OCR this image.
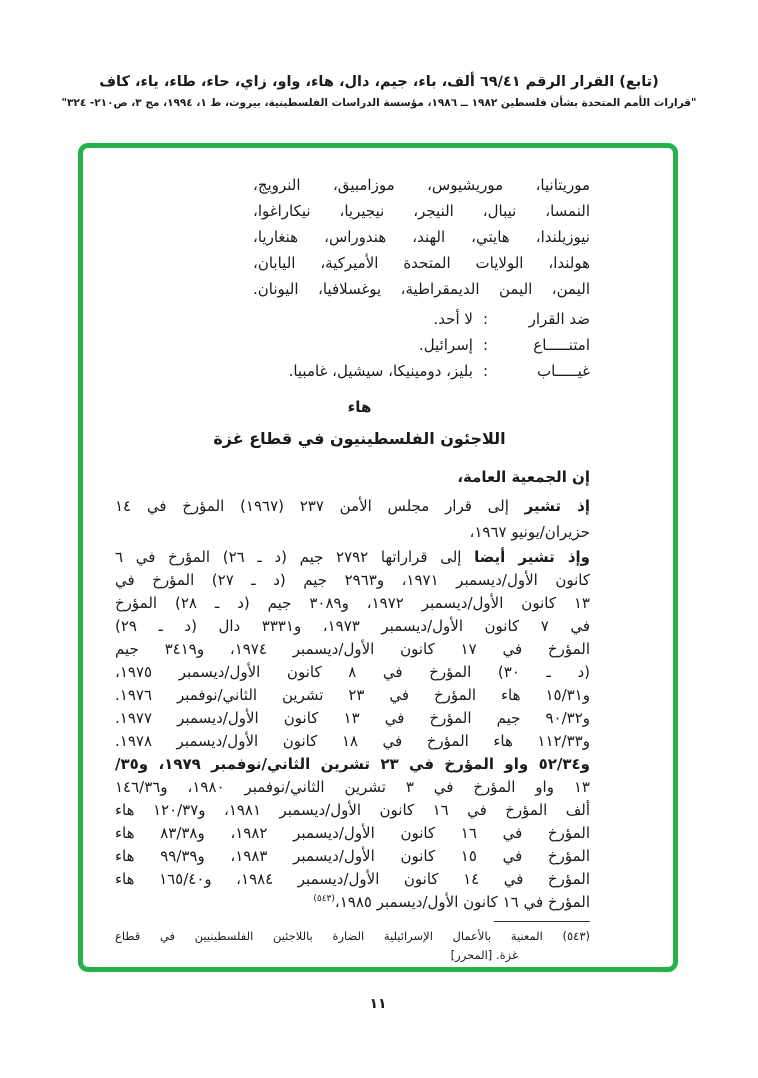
(تابع) القرار الرقم ٦٩/٤١ ألف، باء، جيم، دال، هاء، واو، زاي، حاء، طاء، ياء، كاف
"قرارات الأمم المتحدة بشأن فلسطين ١٩٨٢ ــ ١٩٨٦، مؤسسة الدراسات الفلسطينية، بيروت، ط ١، ١٩٩٤، مج ٣، ص٢١٠- ٣٢٤"
موريتانيا، موريشيوس، موزامبيق، النرويج،
النمسا، نيبال، النيجر، نيجيريا، نيكاراغوا،
نيوزيلندا، هايتي، الهند، هندوراس، هنغاريا،
هولندا، الولايات المتحدة الأميركية، اليابان،
اليمن، اليمن الديمقراطية، يوغسلافيا، اليونان.
ضد القرار:لا أحد.
امتنـــــاع:إسرائيل.
غيـــــاب:بليز، دومينيكا، سيشيل، غامبيا.
هاء
اللاجئون الفلسطينيون في قطاع غزة
إن الجمعية العامة،
إذ تشير إلى قرار مجلس الأمن ٢٣٧ (١٩٦٧) المؤرخ في ١٤
حزيران/يونيو ١٩٦٧،
وإذ تشير أيضا إلى قراراتها ٢٧٩٢ جيم (د ـ ٢٦) المؤرخ في ٦
كانون الأول/ديسمبر ١٩٧١، و٢٩٦٣ جيم (د ـ ٢٧) المؤرخ في
١٣ كانون الأول/ديسمبر ١٩٧٢، و٣٠٨٩ جيم (د ـ ٢٨) المؤرخ
في ٧ كانون الأول/ديسمبر ١٩٧٣، و٣٣٣١ دال (د ـ ٢٩)
المؤرخ في ١٧ كانون الأول/ديسمبر ١٩٧٤، و٣٤١٩ جيم
(د ـ ٣٠) المؤرخ في ٨ كانون الأول/ديسمبر ١٩٧٥،
و١٥/٣١ هاء المؤرخ في ٢٣ تشرين الثاني/نوفمبر ١٩٧٦.
و٩٠/٣٢ جيم المؤرخ في ١٣ كانون الأول/ديسمبر ١٩٧٧.
و١١٢/٣٣ هاء المؤرخ في ١٨ كانون الأول/ديسمبر ١٩٧٨.
و٥٢/٣٤ واو المؤرخ في ٢٣ تشرين الثاني/نوفمبر ١٩٧٩، و٣٥/
١٣ واو المؤرخ في ٣ تشرين الثاني/نوفمبر ١٩٨٠، و١٤٦/٣٦
ألف المؤرخ في ١٦ كانون الأول/ديسمبر ١٩٨١، و١٢٠/٣٧ هاء
المؤرخ في ١٦ كانون الأول/ديسمبر ١٩٨٢، و٨٣/٣٨ هاء
المؤرخ في ١٥ كانون الأول/ديسمبر ١٩٨٣، و٩٩/٣٩ هاء
المؤرخ في ١٤ كانون الأول/ديسمبر ١٩٨٤، و١٦٥/٤٠ هاء
المؤرخ في ١٦ كانون الأول/ديسمبر ١٩٨٥،$^{(٥٤٣)}$
(٥٤٣) المعنية بالأعمال الإسرائيلية الضارة باللاجئين الفلسطينيين في قطاع
غزة. [المحرر]
١١
